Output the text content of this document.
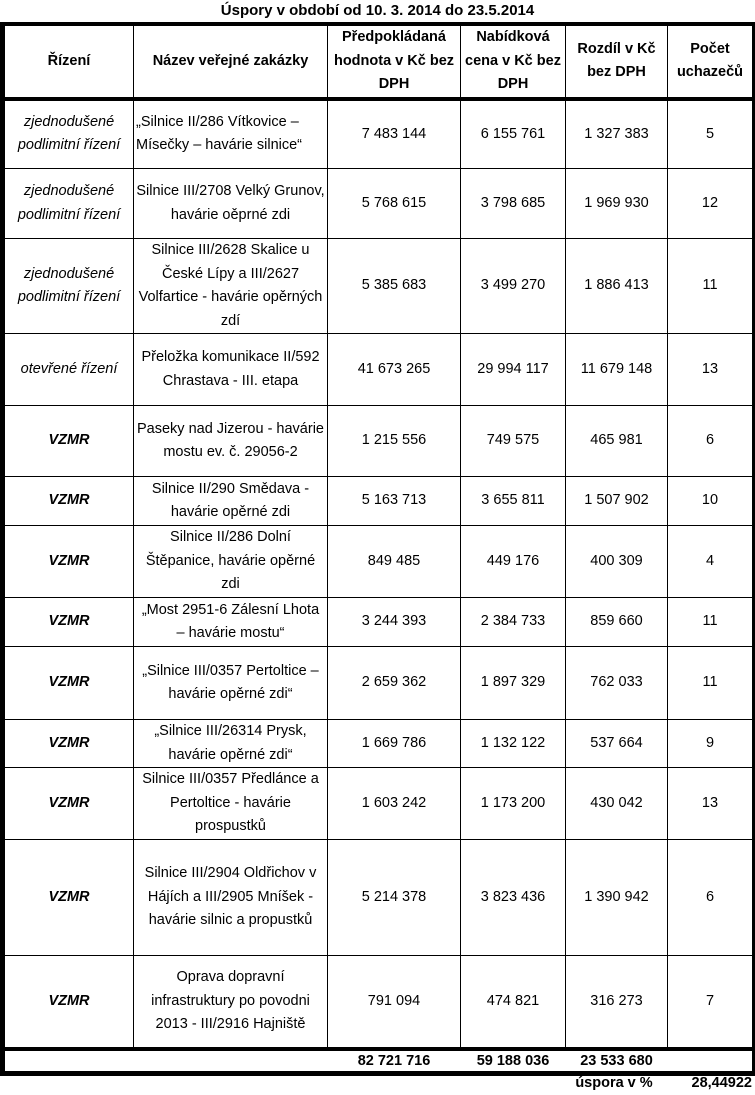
Úspory v období od 10. 3. 2014 do 23.5.2014
Řízení	Název veřejné zakázky	Předpokládaná hodnota v Kč bez DPH	Nabídková cena v Kč bez DPH	Rozdíl v Kč bez DPH	Počet uchazečů
zjednodušené podlimitní řízení	„Silnice II/286 Vítkovice – Mísečky – havárie silnice“	7 483 144	6 155 761	1 327 383	5
zjednodušené podlimitní řízení	Silnice III/2708 Velký Grunov, havárie oěprné zdi	5 768 615	3 798 685	1 969 930	12
zjednodušené podlimitní řízení	Silnice III/2628 Skalice u České Lípy a III/2627 Volfartice - havárie opěrných zdí	5 385 683	3 499 270	1 886 413	11
otevřené řízení	Přeložka komunikace II/592 Chrastava - III. etapa	41 673 265	29 994 117	11 679 148	13
VZMR	Paseky nad Jizerou - havárie mostu ev. č. 29056-2	1 215 556	749 575	465 981	6
VZMR	Silnice II/290 Smědava - havárie opěrné zdi	5 163 713	3 655 811	1 507 902	10
VZMR	Silnice II/286 Dolní Štěpanice, havárie opěrné zdi	849 485	449 176	400 309	4
VZMR	„Most 2951-6 Zálesní Lhota – havárie mostu“	3 244 393	2 384 733	859 660	11
VZMR	„Silnice III/0357 Pertoltice – havárie opěrné zdi“	2 659 362	1 897 329	762 033	11
VZMR	„Silnice III/26314 Prysk, havárie opěrné zdi“	1 669 786	1 132 122	537 664	9
VZMR	Silnice III/0357 Předlánce a Pertoltice - havárie prospustků	1 603 242	1 173 200	430 042	13
VZMR	Silnice III/2904 Oldřichov v Hájích a III/2905 Mníšek - havárie silnic a propustků	5 214 378	3 823 436	1 390 942	6
VZMR	Oprava dopravní infrastruktury po povodni 2013 - III/2916 Hajniště	791 094	474 821	316 273	7
		82 721 716	59 188 036	23 533 680	
úspora v %	28,44922
